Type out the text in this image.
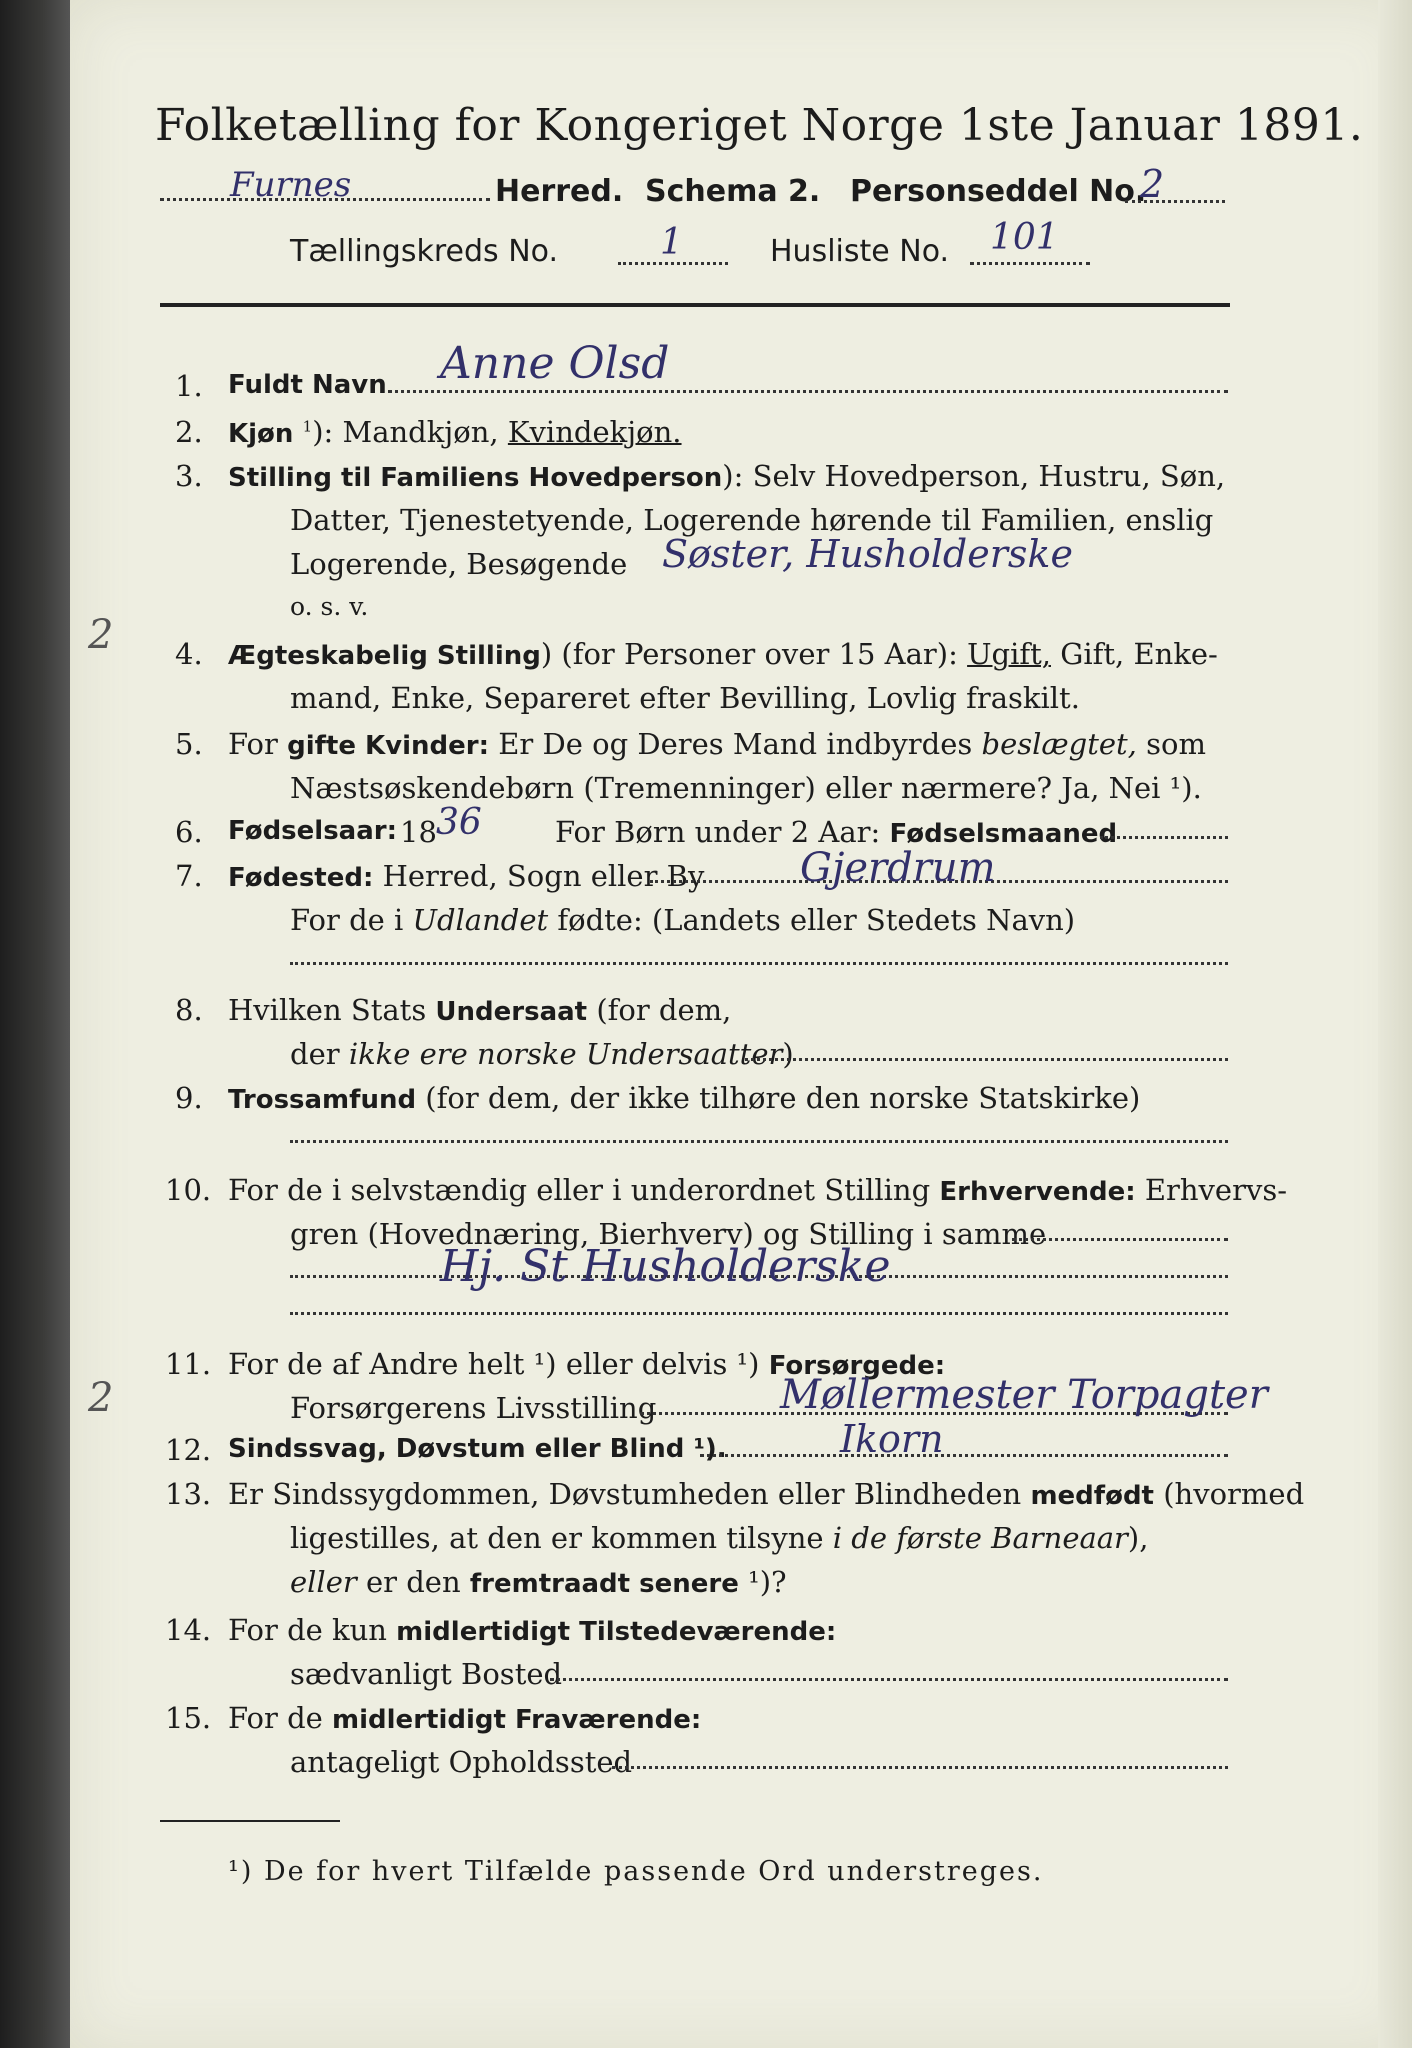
Folketælling for Kongeriget Norge 1ste Januar 1891.
Furnes	Herred. Schema 2. Personseddel No.
2
Tællingskreds No.	1	Husliste No. 101
1. Fuldt Navn Anne Olsd
2. Kjøn $^1$): Mandkjøn, Kvindekjøn.
3. Stilling til Familiens Hovedperson): Selv Hovedperson, Hustru, Søn,
Datter, Tjenestetyende, Logerende hørende til Familien, enslig
Logerende, Besøgende Søster, Husholderske
o. s. v.
4. Ægteskabelig Stilling) (for Personer over 15 Aar): Ugift, Gift, Enke-
mand, Enke, Separeret efter Bevilling, Lovlig fraskilt.
5. For gifte Kvinder: Er De og Deres Mand indbyrdes beslægtet, som
Næstsøskendebørn (Tremenninger) eller nærmere? Ja, Nei ¹).
6. Fødselsaar: 18 36	For Børn under 2 Aar: Fødselsmaaned
7. Fødested: Herred, Sogn eller By Gjerdrum
For de i Udlandet fødte: (Landets eller Stedets Navn)
8. Hvilken Stats Undersaat (for dem,
der ikke ere norske Undersaatter)
9. Trossamfund (for dem, der ikke tilhøre den norske Statskirke)
10. For de i selvstændig eller i underordnet Stilling Erhvervende: Erhvervs-
gren (Hovednæring, Bierhverv) og Stilling i samme
Hj. St Husholderske
11. For de af Andre helt ¹) eller delvis ¹) Forsørgede:
Forsørgerens Livsstilling	Møllermester Torpagter
12. Sindssvag, Døvstum eller Blind ¹).	Ikorn
13. Er Sindssygdommen, Døvstumheden eller Blindheden medfødt (hvormed
ligestilles, at den er kommen tilsyne i de første Barneaar),
eller er den fremtraadt senere ¹)?
14. For de kun midlertidigt Tilstedeværende:
sædvanligt Bosted
15. For de midlertidigt Fraværende:
antageligt Opholdssted
¹) De for hvert Tilfælde passende Ord understreges.
2
2
